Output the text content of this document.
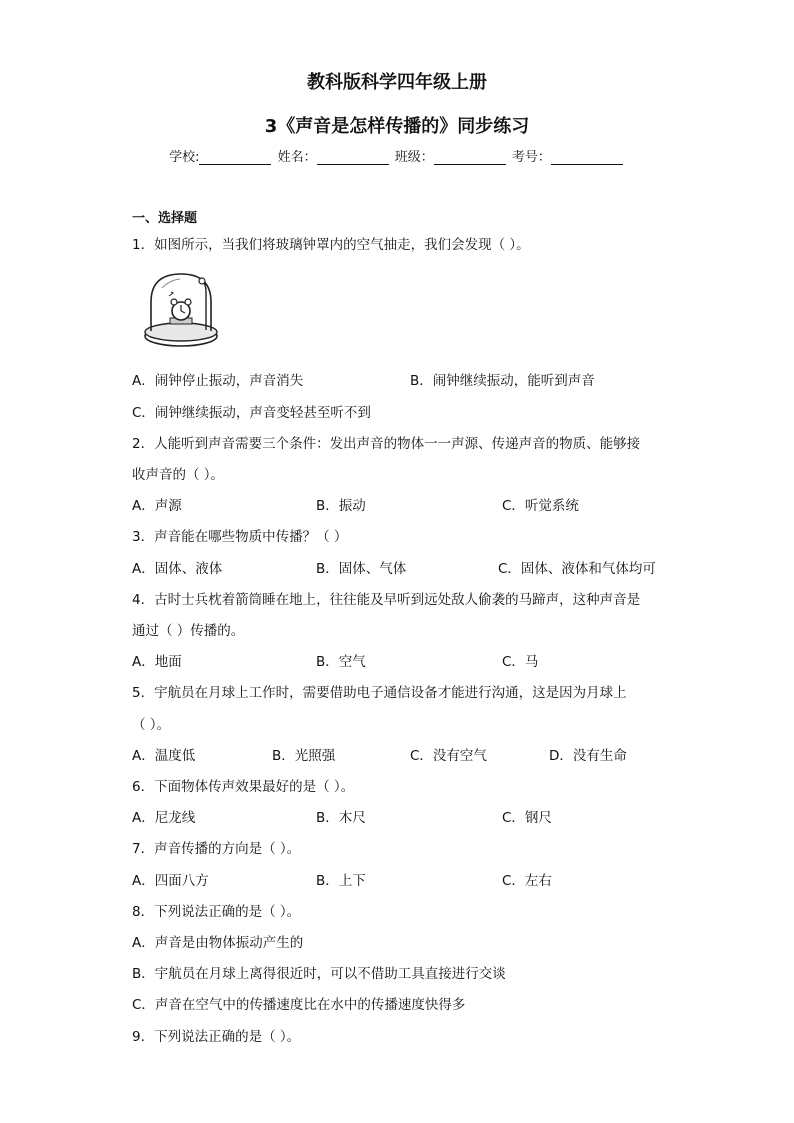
教科版科学四年级上册
3《声音是怎样传播的》同步练习
学校:	姓名：	班级：	考号：
一、选择题
1．如图所示，当我们将玻璃钟罩内的空气抽走，我们会发现（ ）。
A．闹钟停止振动，声音消失	B．闹钟继续振动，能听到声音
C．闹钟继续振动，声音变轻甚至听不到
2．人能听到声音需要三个条件：发出声音的物体一一声源、传递声音的物质、能够接
收声音的（ ）。
A．声源	B．振动	C．听觉系统
3．声音能在哪些物质中传播？（ ）
A．固体、液体	B．固体、气体	C．固体、液体和气体均可
4．古时士兵枕着箭筒睡在地上，往往能及早听到远处敌人偷袭的马蹄声，这种声音是
通过（ ）传播的。
A．地面	B．空气	C．马
5．宇航员在月球上工作时，需要借助电子通信设备才能进行沟通，这是因为月球上
（ ）。
A．温度低	B．光照强	C．没有空气	D．没有生命
6．下面物体传声效果最好的是（ ）。
A．尼龙线	B．木尺	C．钢尺
7．声音传播的方向是（ ）。
A．四面八方	B．上下	C．左右
8．下列说法正确的是（ ）。
A．声音是由物体振动产生的
B．宇航员在月球上离得很近时，可以不借助工具直接进行交谈
C．声音在空气中的传播速度比在水中的传播速度快得多
9．下列说法正确的是（ ）。
